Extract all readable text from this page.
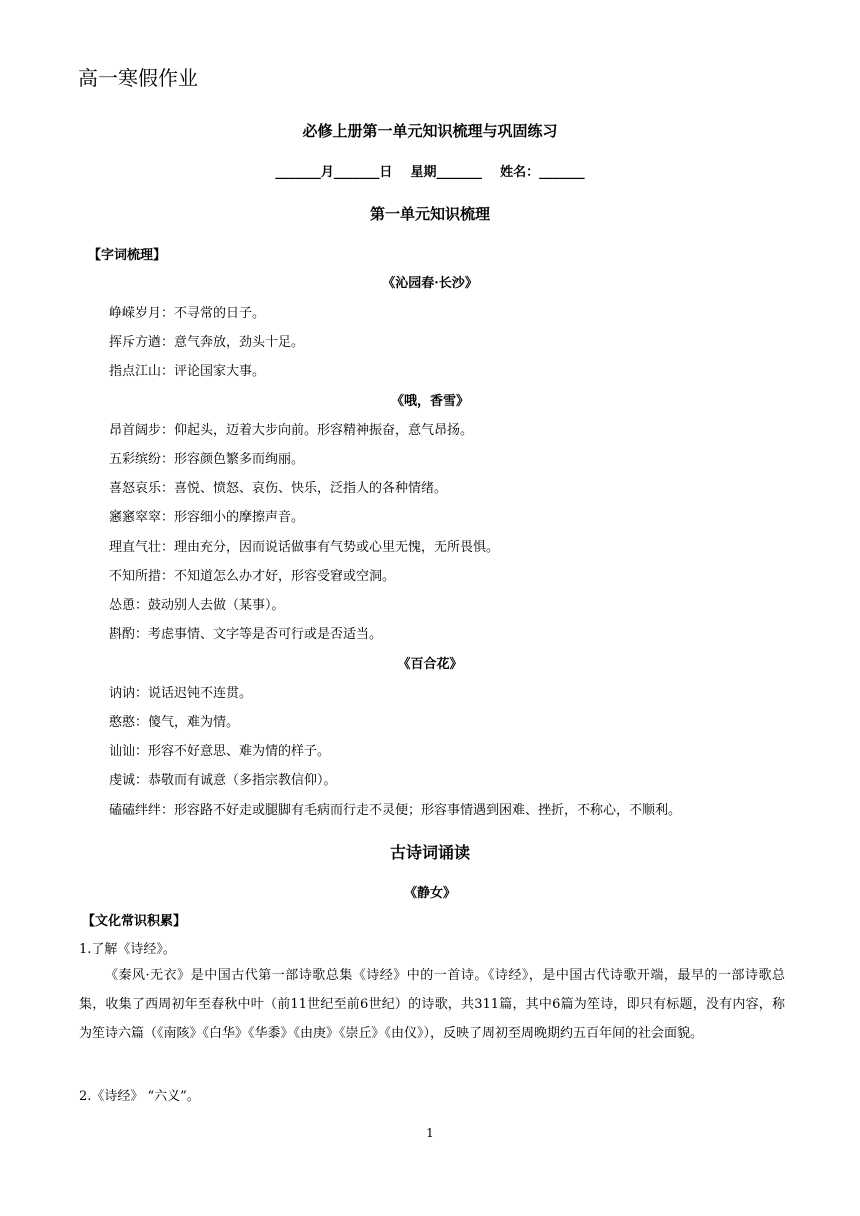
高一寒假作业
必修上册第一单元知识梳理与巩固练习
_______月_______日    星期_______    姓名：_______
第一单元知识梳理
【字词梳理】
《沁园春·长沙》
峥嵘岁月：不寻常的日子。
挥斥方遒：意气奔放，劲头十足。
指点江山：评论国家大事。
《哦，香雪》
昂首阔步：仰起头，迈着大步向前。形容精神振奋，意气昂扬。
五彩缤纷：形容颜色繁多而绚丽。
喜怒哀乐：喜悦、愤怒、哀伤、快乐，泛指人的各种情绪。
窸窸窣窣：形容细小的摩擦声音。
理直气壮：理由充分，因而说话做事有气势或心里无愧，无所畏惧。
不知所措：不知道怎么办才好，形容受窘或空洞。
怂恿：鼓动别人去做（某事）。
斟酌：考虑事情、文字等是否可行或是否适当。
《百合花》
讷讷：说话迟钝不连贯。
憨憨：傻气，难为情。
讪讪：形容不好意思、难为情的样子。
虔诚：恭敬而有诚意（多指宗教信仰）。
磕磕绊绊：形容路不好走或腿脚有毛病而行走不灵便；形容事情遇到困难、挫折，不称心，不顺利。
古诗词诵读
《静女》
【文化常识积累】
1.了解《诗经》。
《秦风·无衣》是中国古代第一部诗歌总集《诗经》中的一首诗。《诗经》，是中国古代诗歌开端，最早的一部诗歌总集，收集了西周初年至春秋中叶（前11世纪至前6世纪）的诗歌，共311篇，其中6篇为笙诗，即只有标题，没有内容，称为笙诗六篇（《南陔》《白华》《华黍》《由庚》《崇丘》《由仪》），反映了周初至周晚期约五百年间的社会面貌。
2.《诗经》 “六义”。
1
